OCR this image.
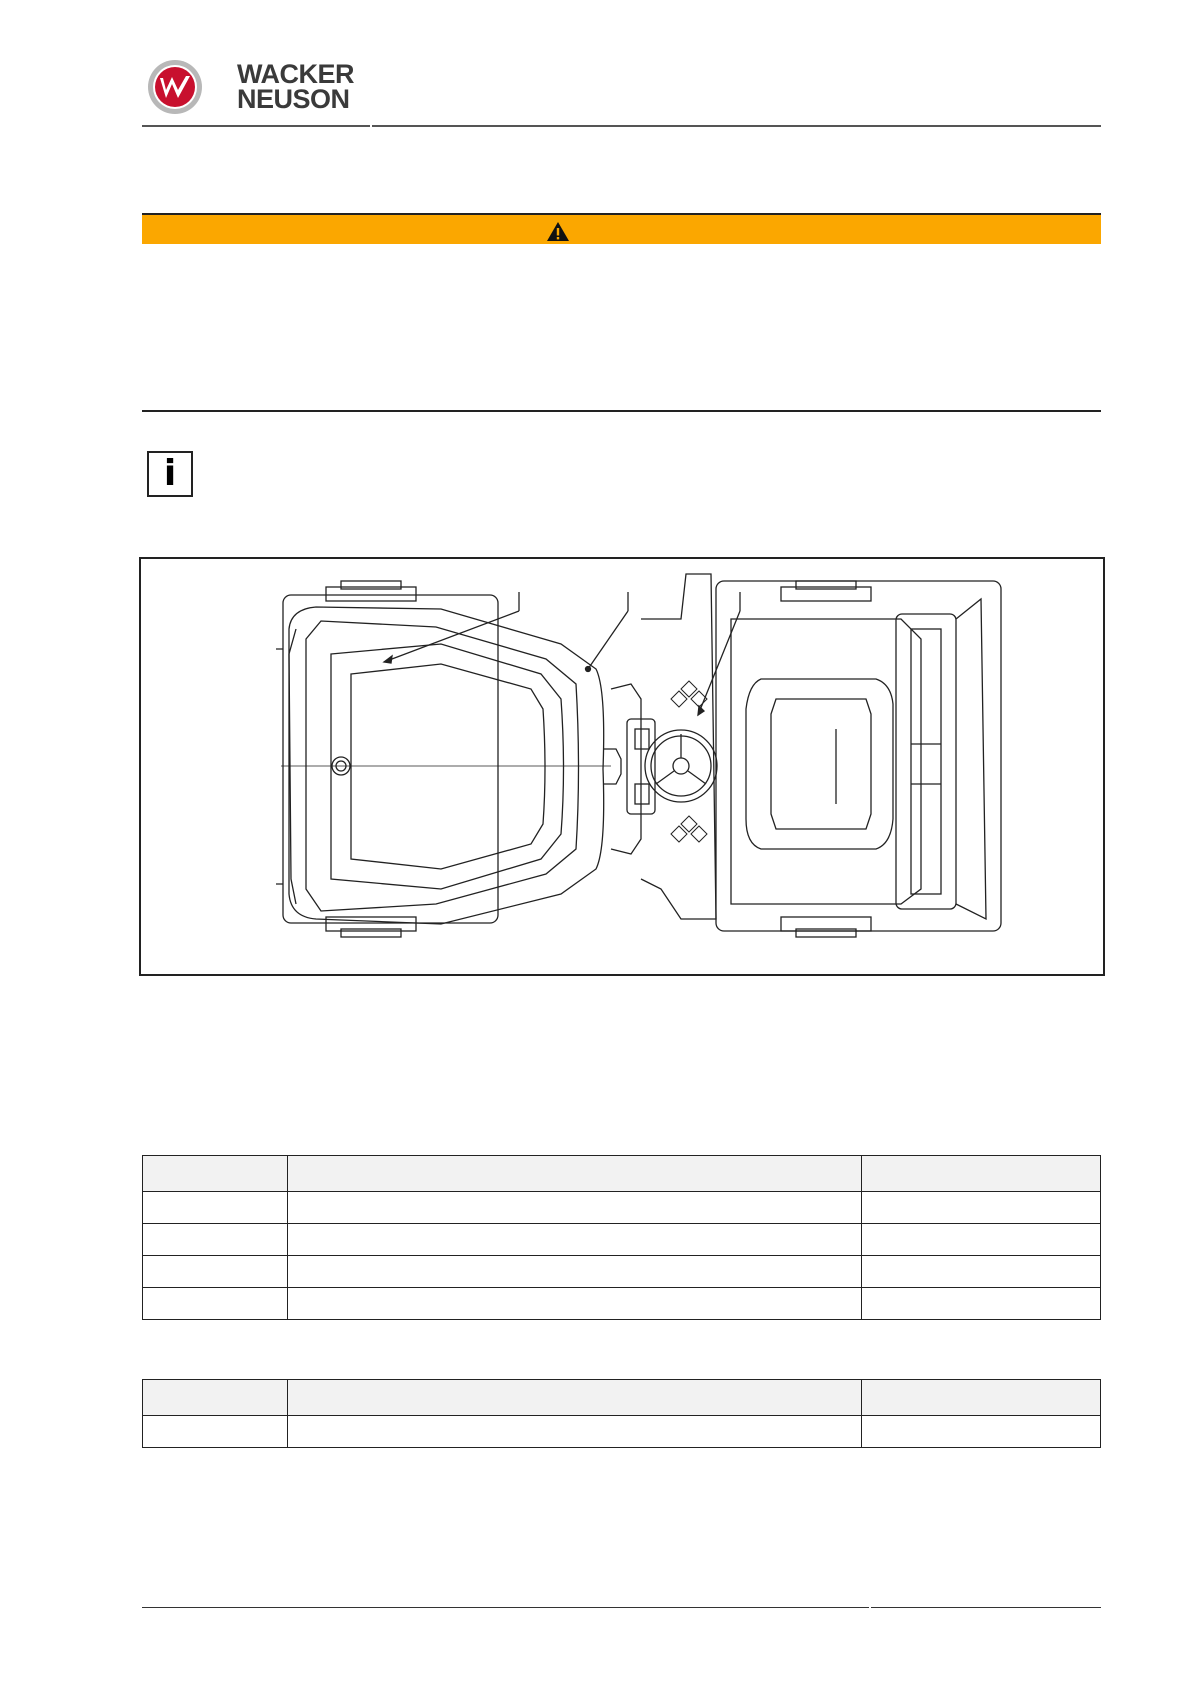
WACKER
NEUSON
i
